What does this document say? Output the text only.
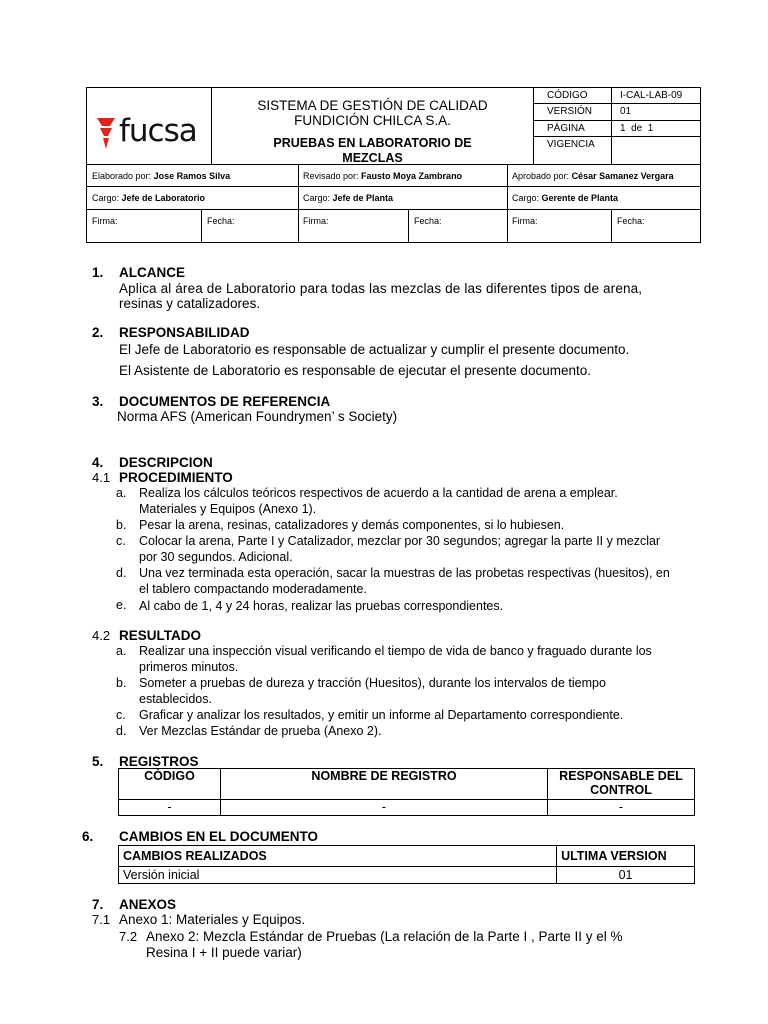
fucsa
SISTEMA DE GESTIÓN DE CALIDAD
FUNDICIÓN CHILCA S.A.
PRUEBAS EN LABORATORIO DE
MEZCLAS
CÓDIGO	I-CAL-LAB-09
VERSIÓN	01
PÁGINA	1  de  1
VIGENCIA
Elaborado por: Jose Ramos Silva	Revisado por: Fausto Moya Zambrano	Aprobado por: César Samanez Vergara
Cargo: Jefe de Laboratorio	Cargo: Jefe de Planta	Cargo: Gerente de Planta
Firma:	Fecha:	Firma:	Fecha:	Firma:	Fecha:
1. ALCANCE
Aplica al área de Laboratorio para todas las mezclas de las diferentes tipos de arena,
resinas y catalizadores.
2. RESPONSABILIDAD
El Jefe de Laboratorio es responsable de actualizar y cumplir el presente documento.
El Asistente de Laboratorio es responsable de ejecutar el presente documento.
3. DOCUMENTOS DE REFERENCIA
Norma AFS (American Foundrymen’ s Society)
4. DESCRIPCION
4.1 PROCEDIMIENTO
a. Realiza los cálculos teóricos respectivos de acuerdo a la cantidad de arena a emplear.
Materiales y Equipos (Anexo 1).
b. Pesar la arena, resinas, catalizadores y demás componentes, si lo hubiesen.
c. Colocar la arena, Parte I y Catalizador, mezclar por 30 segundos; agregar la parte II y mezclar
por 30 segundos. Adicional.
d. Una vez terminada esta operación, sacar la muestras de las probetas respectivas (huesitos), en
el tablero compactando moderadamente.
e. Al cabo de 1, 4 y 24 horas, realizar las pruebas correspondientes.
4.2 RESULTADO
a. Realizar una inspección visual verificando el tiempo de vida de banco y fraguado durante los
primeros minutos.
b. Someter a pruebas de dureza y tracción (Huesitos), durante los intervalos de tiempo
establecidos.
c. Graficar y analizar los resultados, y emitir un informe al Departamento correspondiente.
d. Ver Mezclas Estándar de prueba (Anexo 2).
5. REGISTROS
CÓDIGO	NOMBRE DE REGISTRO	RESPONSABLE DEL
CONTROL

-	-	-
6. CAMBIOS EN EL DOCUMENTO
CAMBIOS REALIZADOS	ULTIMA VERSION
Versión inicial	01
7. ANEXOS
7.1 Anexo 1: Materiales y Equipos.
7.2 Anexo 2: Mezcla Estándar de Pruebas (La relación de la Parte I , Parte II y el %
Resina I + II puede variar)
